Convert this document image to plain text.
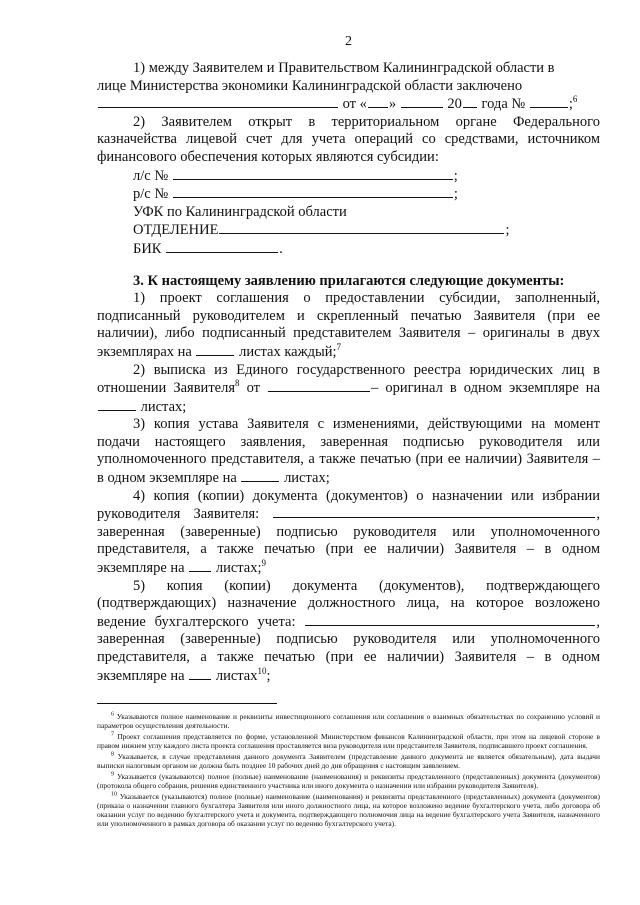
2

1) между Заявителем и Правительством Калининградской области в

лице Министерства экономики Калининградской области заключено

от « »	20 года №	;$^6$

2) Заявителем открыт в территориальном органе Федерального казначейства лицевой счет для учета операций со средствами, источником финансового обеспечения которых являются субсидии:

л/с №	;

р/с №	;

УФК по Калининградской области

ОТДЕЛЕНИЕ	;

БИК	.

3. К настоящему заявлению прилагаются следующие документы:

1) проект соглашения о предоставлении субсидии, заполненный, подписанный руководителем и скрепленный печатью Заявителя (при ее наличии), либо подписанный представителем Заявителя – оригиналы в двух экземплярах на	листах каждый;$^7$

2) выписка из Единого государственного реестра юридических лиц в отношении Заявителя$^8$ от	– оригинал в одном экземпляре на  листах;

3) копия устава Заявителя с изменениями, действующими на момент подачи настоящего заявления, заверенная подписью руководителя или уполномоченного представителя, а также печатью (при ее наличии) Заявителя – в одном экземпляре на	листах;

4) копия (копии) документа (документов) о назначении или избрании руководителя Заявителя:	, заверенная (заверенные) подписью руководителя или уполномоченного представителя, а также печатью (при ее наличии) Заявителя – в одном экземпляре на листах;$^9$

5) копия (копии) документа (документов), подтверждающего (подтверждающих) назначение должностного лица, на которое возложено ведение бухгалтерского учета:	, заверенная (заверенные) подписью руководителя или уполномоченного представителя, а также печатью (при ее наличии) Заявителя – в одном экземпляре на листах$^{10}$;

$^6$ Указываются полное наименование и реквизиты инвестиционного соглашения или соглашения о взаимных обязательствах по сохранению условий и параметров осуществления деятельности.

$^7$ Проект соглашения представляется по форме, установленной Министерством финансов Калининградской области, при этом на лицевой стороне в правом нижнем углу каждого листа проекта соглашения проставляется виза руководителя или представителя Заявителя, подписавшего проект соглашения.

$^8$ Указывается, в случае представления данного документа Заявителем (представление данного документа не является обязательным), дата выдачи выписки налоговым органом не должна быть позднее 10 рабочих дней до дня обращения с настоящим заявлением.

$^9$ Указывается (указываются) полное (полные) наименование (наименования) и реквизиты представленного (представленных) документа (документов) (протокола общего собрания, решения единственного участника или иного документа о назначении или избрании руководителя Заявителя).

$^{10}$ Указывается (указываются) полное (полные) наименование (наименования) и реквизиты представленного (представленных) документа (документов) (приказа о назначении главного бухгалтера Заявителя или иного должностного лица, на которое возложено ведение бухгалтерского учета, либо договора об оказании услуг по ведению бухгалтерского учета и документа, подтверждающего полномочия лица на ведение бухгалтерского учета Заявителя, назначенного или уполномоченного в рамках договора об оказании услуг по ведению бухгалтерского учета).
